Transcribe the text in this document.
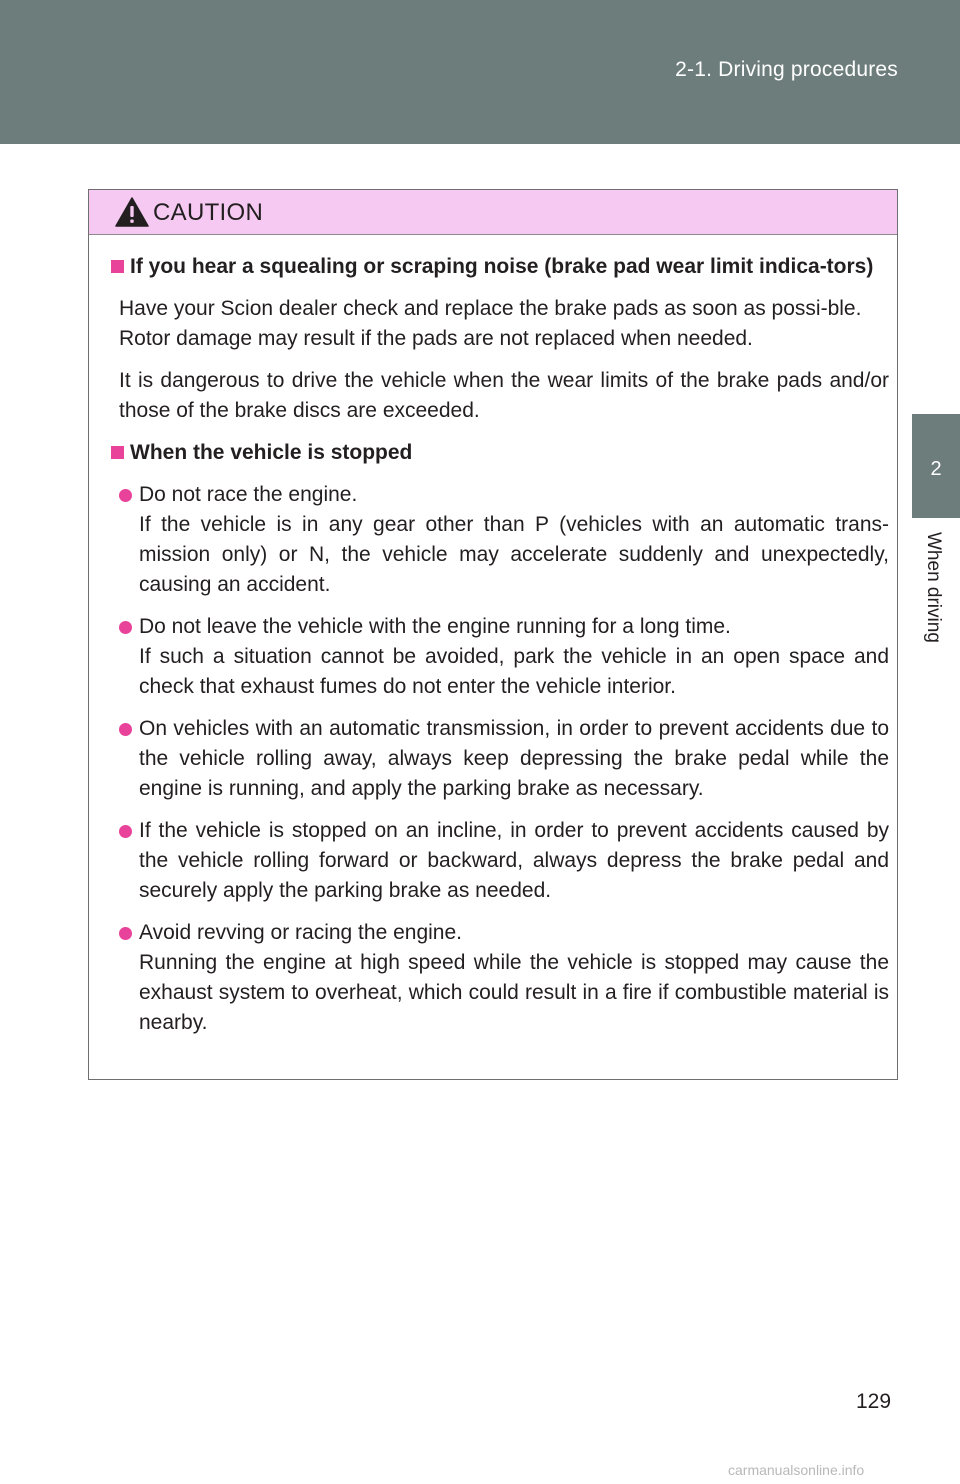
2-1. Driving procedures
2
When driving
CAUTION
If you hear a squealing or scraping noise (brake pad wear limit indica-tors)
Have your Scion dealer check and replace the brake pads as soon as possi-ble.
Rotor damage may result if the pads are not replaced when needed.
It is dangerous to drive the vehicle when the wear limits of the brake pads and/or those of the brake discs are exceeded.
When the vehicle is stopped
Do not race the engine.
If the vehicle is in any gear other than P (vehicles with an automatic trans-mission only) or N, the vehicle may accelerate suddenly and unexpectedly, causing an accident.
Do not leave the vehicle with the engine running for a long time.
If such a situation cannot be avoided, park the vehicle in an open space and check that exhaust fumes do not enter the vehicle interior.
On vehicles with an automatic transmission, in order to prevent accidents due to the vehicle rolling away, always keep depressing the brake pedal while the engine is running, and apply the parking brake as necessary.
If the vehicle is stopped on an incline, in order to prevent accidents caused by the vehicle rolling forward or backward, always depress the brake pedal and securely apply the parking brake as needed.
Avoid revving or racing the engine.
Running the engine at high speed while the vehicle is stopped may cause the exhaust system to overheat, which could result in a fire if combustible material is nearby.
129
carmanualsonline.info
